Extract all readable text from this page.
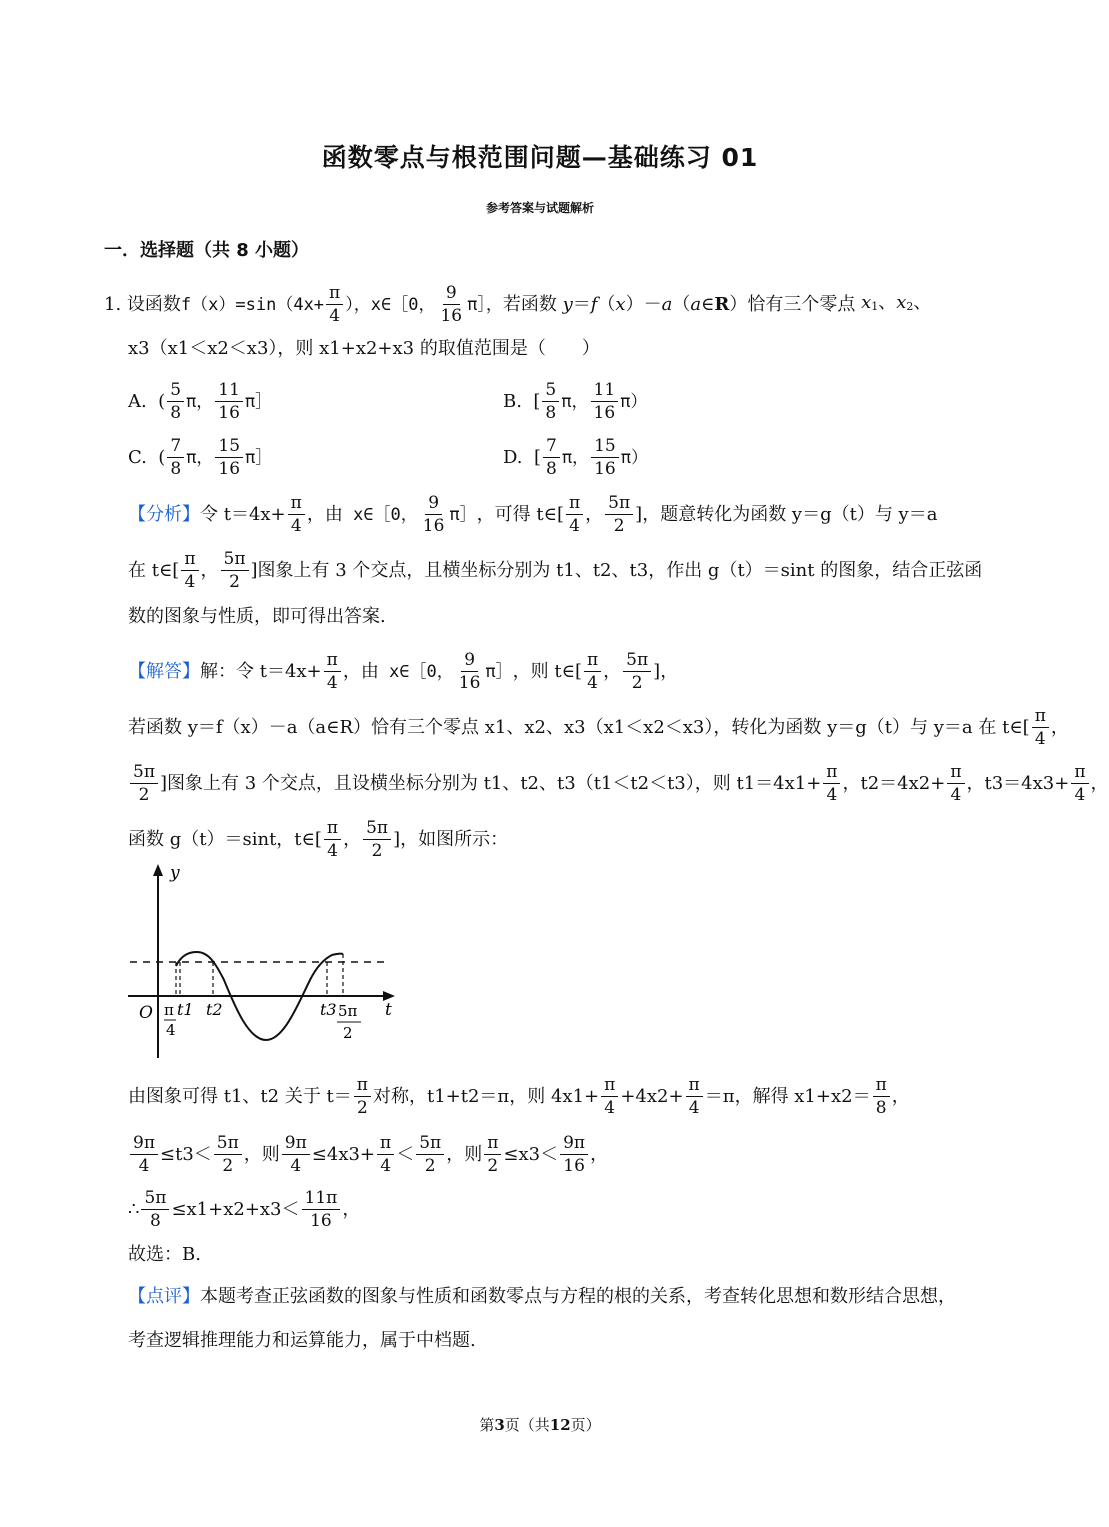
函数零点与根范围问题—基础练习 01
参考答案与试题解析
一．选择题（共 8 小题）
1.
设函数 $f(x)=\sin(4x+ \frac{\pi}{4}$ ），x∈［0， $\frac{9}{16}$ π］， 若函数 y＝f（x）－a（a∈R） 恰有三个零点 $x_1$、$x_2$、
x3（x1＜x2＜x3），则 x1+x2+x3 的取值范围是（　　）
A. ( $\frac{5}{8}$ π， $\frac{11}{16}$ π］	B. [ $\frac{5}{8}$ π， $\frac{11}{16} \pi$）
C. ( $\frac{7}{8}$ π， $\frac{15}{16}$ π］	D. [ $\frac{7}{8}$ π， $\frac{15}{16} \pi$）
【分析】 令 $t=4x+ \frac{\pi}{4}$ ，由 x∈［0， $\frac{9}{16}$ π］ ，可得 t∈[ $\frac{\pi}{4}$ ， $\frac{5\pi}{2}$ ]，题意转化为函数 y＝g（t）与 y＝a
在 t∈[ $\frac{\pi}{4}$ ， $\frac{5\pi}{2}$ ]图象上有 3 个交点，且横坐标分别为 t1、t2、t3，作出 g（t）＝sint 的图象，结合正弦函
数的图象与性质，即可得出答案.
【解答】 解：令 $t=4x+ \frac{\pi}{4}$ ，由 x∈［0， $\frac{9}{16}$ π］ ，则 t∈[ $\frac{\pi}{4}$ ， $\frac{5\pi}{2}$ ]，
若函数 y＝f（x）－a（a∈R）恰有三个零点 x1、x2、x3（x1＜x2＜x3），转化为函数 y＝g（t）与 y＝a 在 t∈[ $\frac{\pi}{4}$ ，
$\frac{5\pi}{2}$ ]图象上有 3 个交点，且设横坐标分别为 t1、t2、t3（t1＜t2＜t3），则 $t1=4x1+ \frac{\pi}{4}$ ，$t2=4x2+ \frac{\pi}{4}$ ，$t3=4x3+ \frac{\pi}{4}$ ，
函数 g（t）＝sint，t∈[ $\frac{\pi}{4}$ ， $\frac{5\pi}{2}$ ]，如图所示：
y
t
O π
4
t1 t2	t3 5π
2
由图象可得 t1、t2 关于 $t= \frac{\pi}{2}$ 对称，t1+t2＝π，则 $4x1+ \frac{\pi}{4} +4x2+ \frac{\pi}{4} =\pi$，解得 $x1+x2= \frac{\pi}{8}$ ，
$\frac{9\pi}{4} \le t3< \frac{5\pi}{2}$ ，则 $\frac{9\pi}{4} \le 4x3+ \frac{\pi}{4} < \frac{5\pi}{2}$ ，则 $\frac{\pi}{2} \le x3< \frac{9\pi}{16}$ ，
∴ $\frac{5\pi}{8} \le x1+x2+x3< \frac{11\pi}{16}$ ，
故选：B.
【点评】 本题考查正弦函数的图象与性质和函数零点与方程的根的关系，考查转化思想和数形结合思想，
考查逻辑推理能力和运算能力，属于中档题.
第3页（共12页）
